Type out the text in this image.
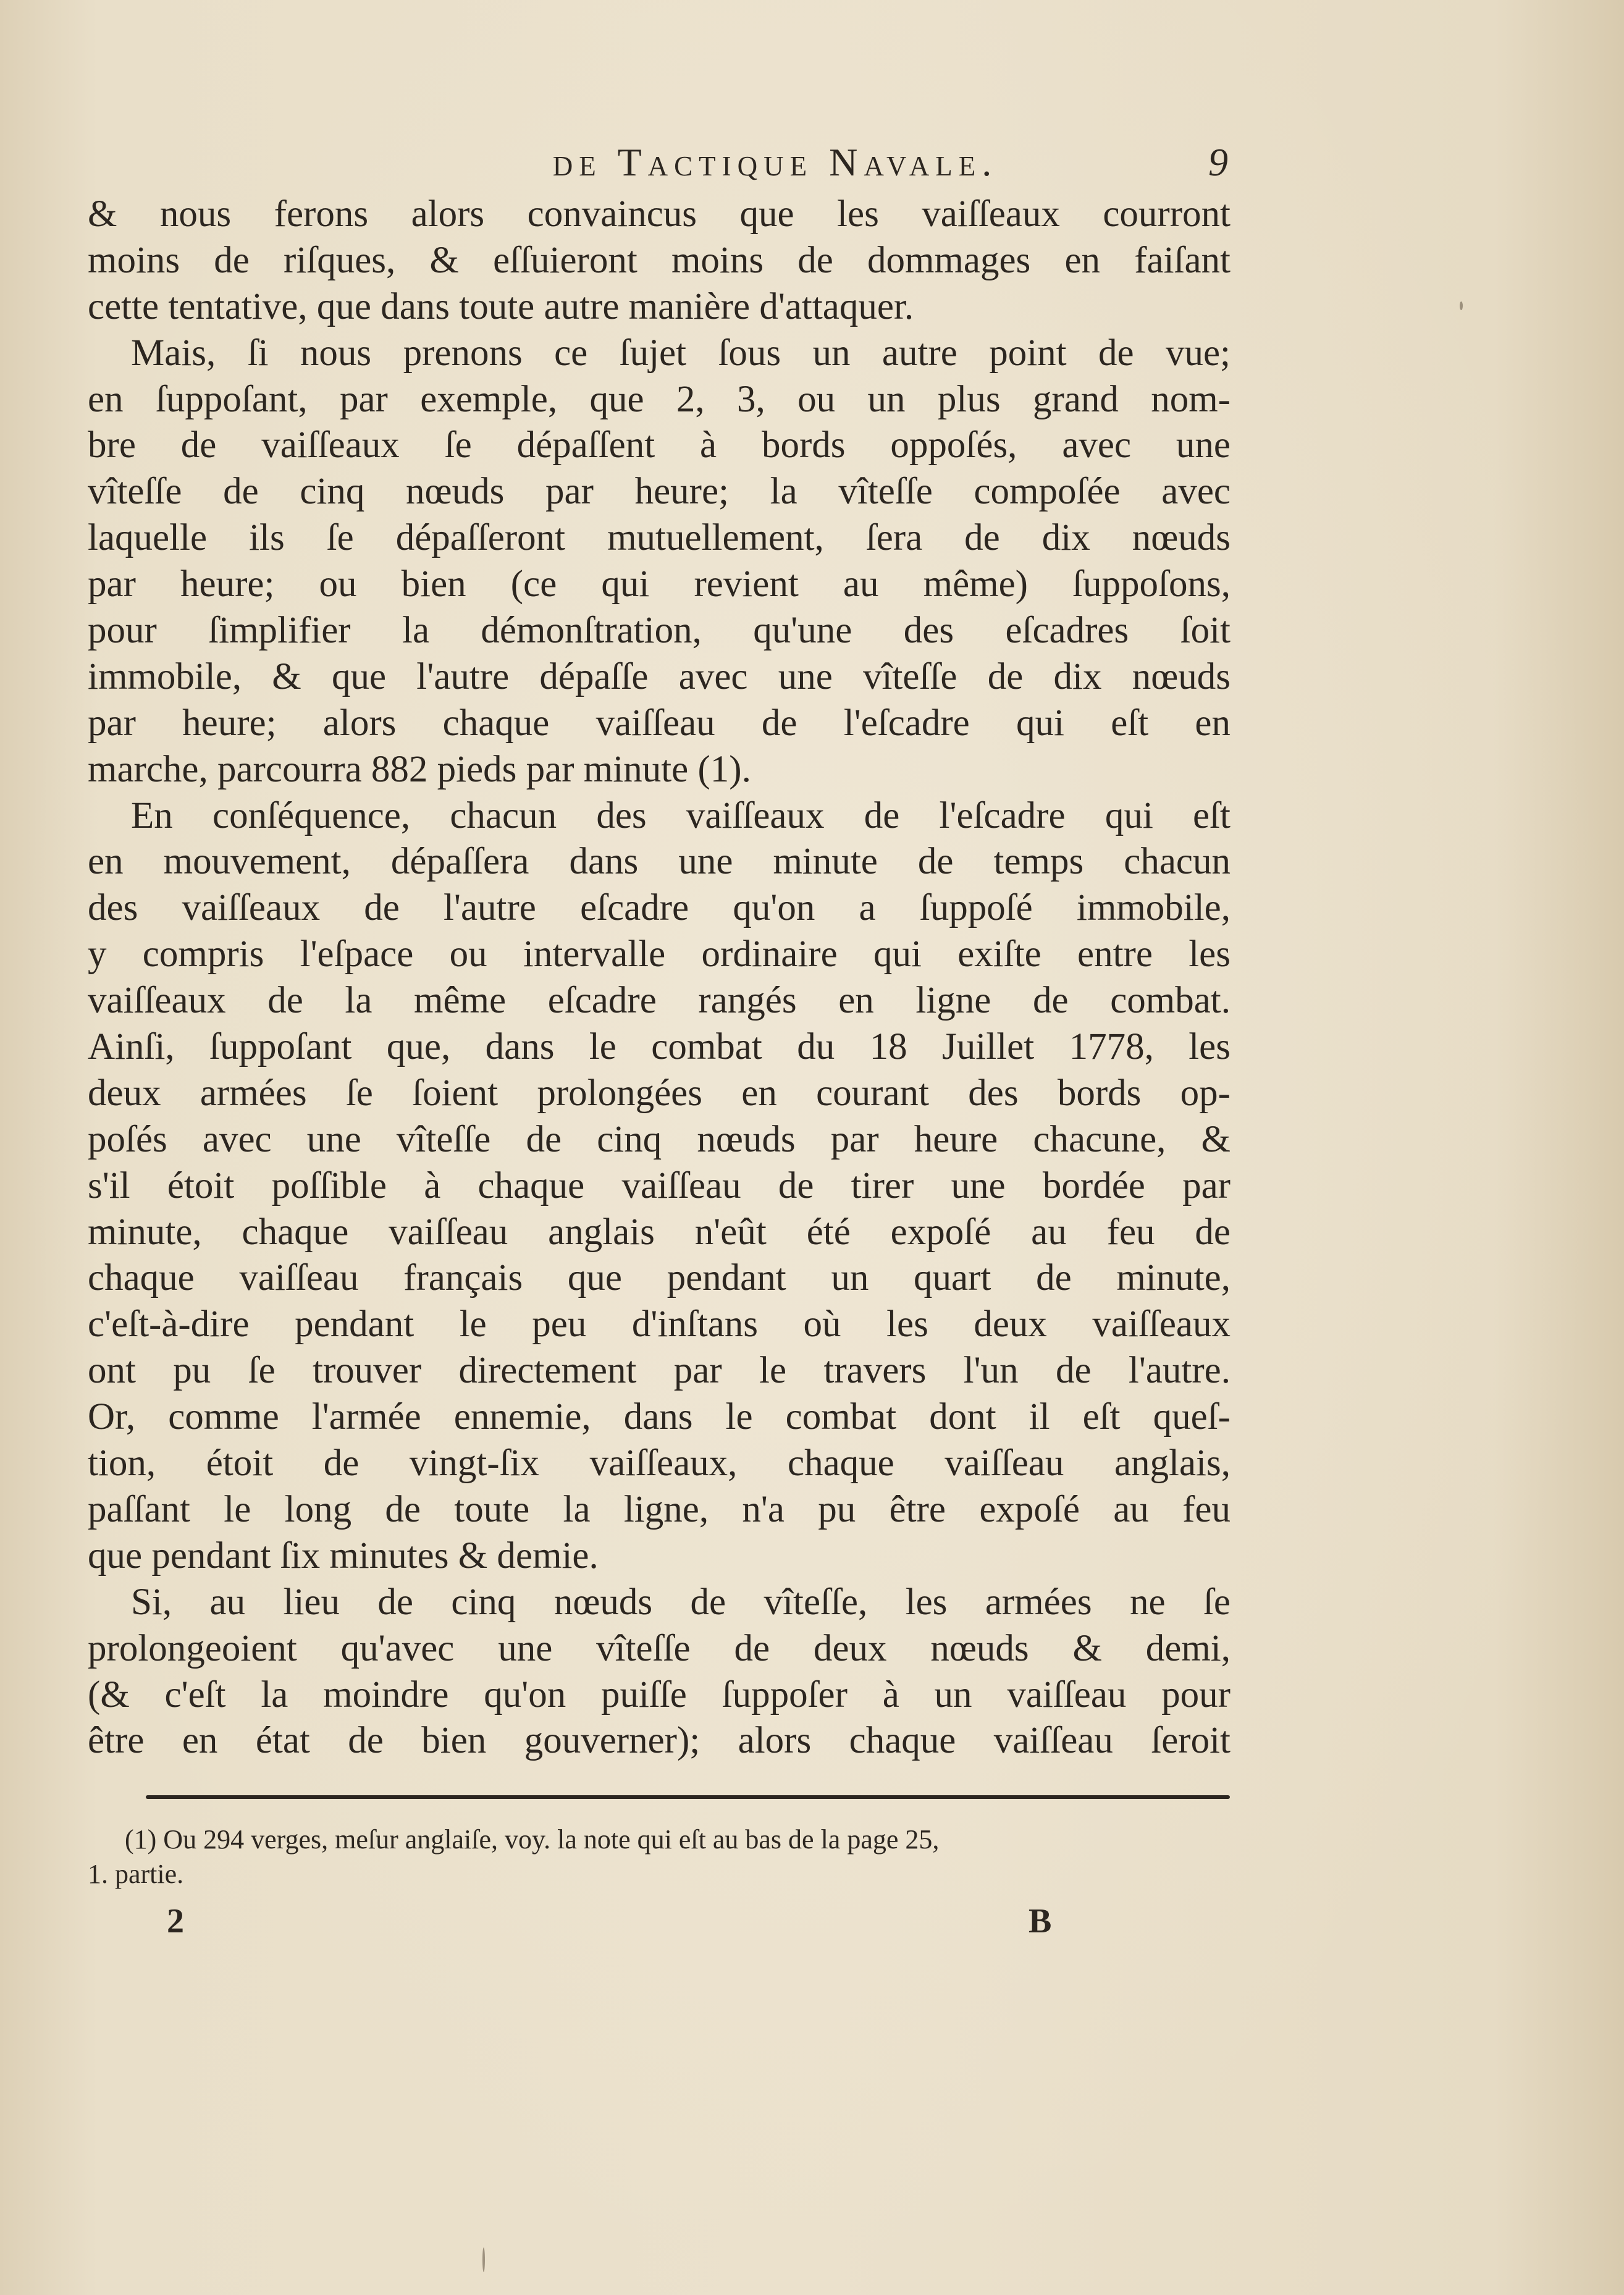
de Tactique Navale.	9
& nous ferons alors convaincus que les vaiſſeaux courront
moins de riſques, & eſſuieront moins de dommages en faiſant
cette tentative, que dans toute autre manière d'attaquer.
Mais, ſi nous prenons ce ſujet ſous un autre point de vue;
en ſuppoſant, par exemple, que 2, 3, ou un plus grand nom-
bre de vaiſſeaux ſe dépaſſent à bords oppoſés, avec une
vîteſſe de cinq nœuds par heure; la vîteſſe compoſée avec
laquelle ils ſe dépaſſeront mutuellement, ſera de dix nœuds
par heure; ou bien (ce qui revient au même) ſuppoſons,
pour ſimplifier la démonſtration, qu'une des eſcadres ſoit
immobile, & que l'autre dépaſſe avec une vîteſſe de dix nœuds
par heure; alors chaque vaiſſeau de l'eſcadre qui eſt en
marche, parcourra 882 pieds par minute (1).
En conſéquence, chacun des vaiſſeaux de l'eſcadre qui eſt
en mouvement, dépaſſera dans une minute de temps chacun
des vaiſſeaux de l'autre eſcadre qu'on a ſuppoſé immobile,
y compris l'eſpace ou intervalle ordinaire qui exiſte entre les
vaiſſeaux de la même eſcadre rangés en ligne de combat.
Ainſi, ſuppoſant que, dans le combat du 18 Juillet 1778, les
deux armées ſe ſoient prolongées en courant des bords op-
poſés avec une vîteſſe de cinq nœuds par heure chacune, &
s'il étoit poſſible à chaque vaiſſeau de tirer une bordée par
minute, chaque vaiſſeau anglais n'eût été expoſé au feu de
chaque vaiſſeau français que pendant un quart de minute,
c'eſt-à-dire pendant le peu d'inſtans où les deux vaiſſeaux
ont pu ſe trouver directement par le travers l'un de l'autre.
Or, comme l'armée ennemie, dans le combat dont il eſt queſ-
tion, étoit de vingt-ſix vaiſſeaux, chaque vaiſſeau anglais,
paſſant le long de toute la ligne, n'a pu être expoſé au feu
que pendant ſix minutes & demie.
Si, au lieu de cinq nœuds de vîteſſe, les armées ne ſe
prolongeoient qu'avec une vîteſſe de deux nœuds & demi,
(& c'eſt la moindre qu'on puiſſe ſuppoſer à un vaiſſeau pour
être en état de bien gouverner); alors chaque vaiſſeau ſeroit
(1) Ou 294 verges, meſur anglaiſe, voy. la note qui eſt au bas de la page 25,
1. partie.
2	B
